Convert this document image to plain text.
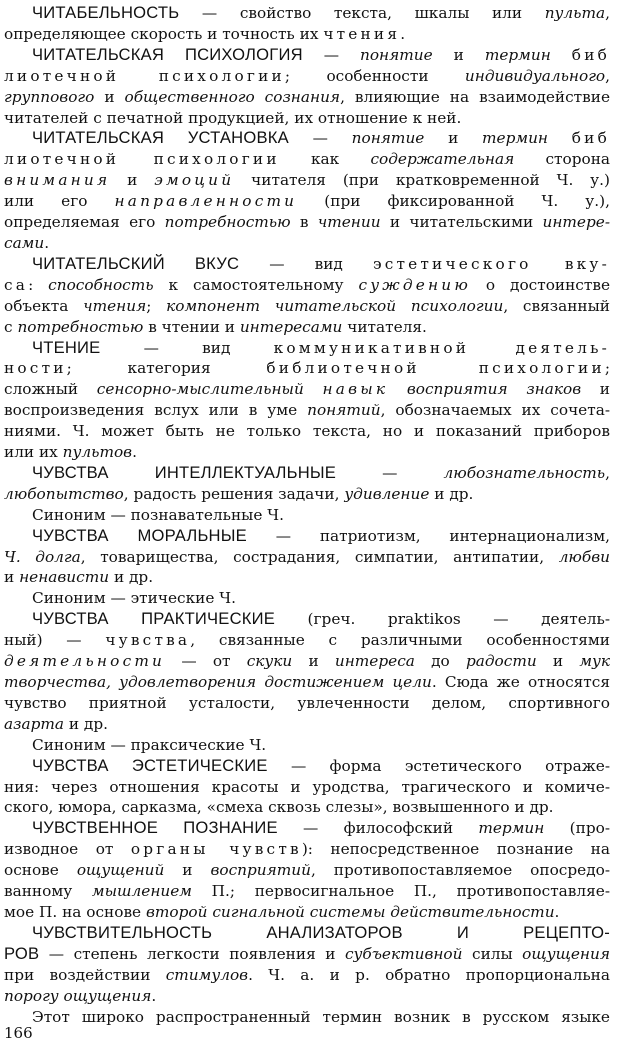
ЧИТАБЕЛЬНОСТЬ — свойство текста, шкалы или пульта,
определяющее скорость и точность их чтения.
ЧИТАТЕЛЬСКАЯ ПСИХОЛОГИЯ — понятие и термин биб
лиотечной психологии; особенности индивидуального,
группового и общественного сознания, влияющие на взаимодействие
читателей с печатной продукцией, их отношение к ней.
ЧИТАТЕЛЬСКАЯ УСТАНОВКА — понятие и термин биб
лиотечной психологии как содержательная сторона
внимания и эмоций читателя (при кратковременной Ч. у.)
или его направленности (при фиксированной Ч. у.),
определяемая его потребностью в чтении и читательскими интере-
сами.
ЧИТАТЕЛЬСКИЙ ВКУС — вид эстетического вку-
са: способность к самостоятельному суждению о достоинстве
объекта чтения; компонент читательской психологии, связанный
с потребностью в чтении и интересами читателя.
ЧТЕНИЕ — вид коммуникативной деятель-
ности; категория библиотечной психологии;
сложный сенсорно-мыслительный навык восприятия знаков и
воспроизведения вслух или в уме понятий, обозначаемых их сочета-
ниями. Ч. может быть не только текста, но и показаний приборов
или их пультов.
ЧУВСТВА ИНТЕЛЛЕКТУАЛЬНЫЕ — любознательность,
любопытство, радость решения задачи, удивление и др.
Синоним — познавательные Ч.
ЧУВСТВА МОРАЛЬНЫЕ — патриотизм, интернационализм,
Ч. долга, товарищества, сострадания, симпатии, антипатии, любви
и ненависти и др.
Синоним — этические Ч.
ЧУВСТВА ПРАКТИЧЕСКИЕ (греч. praktikos — деятель-
ный) — чувства, связанные с различными особенностями
деятельности — от скуки и интереса до радости и мук
творчества, удовлетворения достижением цели. Сюда же относятся
чувство приятной усталости, увлеченности делом, спортивного
азарта и др.
Синоним — праксические Ч.
ЧУВСТВА ЭСТЕТИЧЕСКИЕ — форма эстетического отраже-
ния: через отношения красоты и уродства, трагического и комиче-
ского, юмора, сарказма, «смеха сквозь слезы», возвышенного и др.
ЧУВСТВЕННОЕ ПОЗНАНИЕ — философский термин (про-
изводное от органы чувств): непосредственное познание на
основе ощущений и восприятий, противопоставляемое опосредо-
ванному мышлением П.; первосигнальное П., противопоставляе-
мое П. на основе второй сигнальной системы действительности.
ЧУВСТВИТЕЛЬНОСТЬ АНАЛИЗАТОРОВ И РЕЦЕПТО-
РОВ — степень легкости появления и субъективной силы ощущения
при воздействии стимулов. Ч. а. и р. обратно пропорциональна
порогу ощущения.
Этот широко распространенный термин возник в русском языке
166
